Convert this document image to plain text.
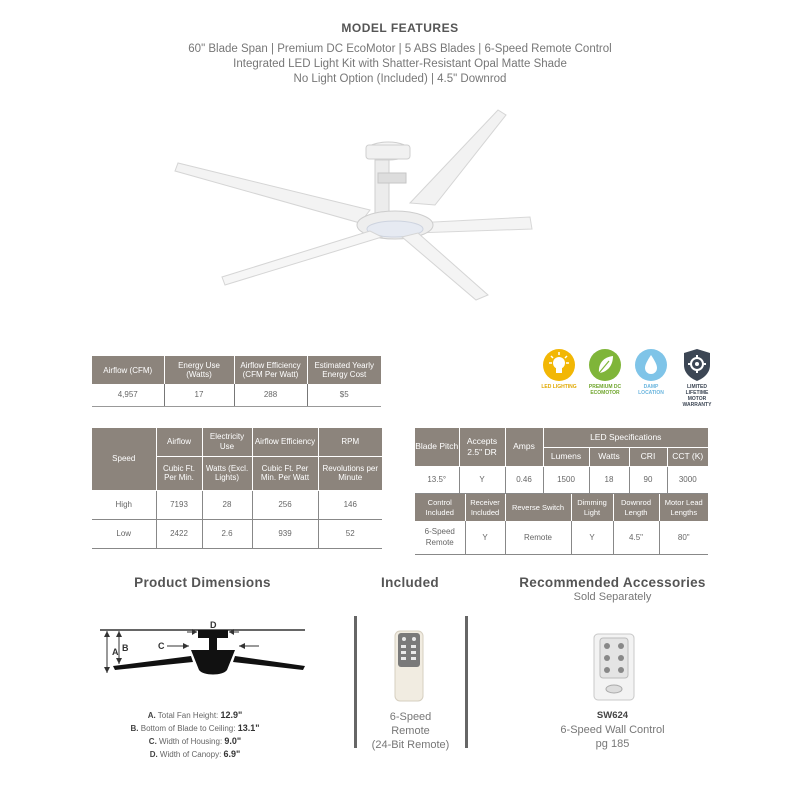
MODEL FEATURES
60" Blade Span | Premium DC EcoMotor | 5 ABS Blades | 6-Speed Remote Control
Integrated LED Light Kit with Shatter-Resistant Opal Matte Shade
No Light Option (Included) | 4.5" Downrod
Airflow (CFM)	Energy Use (Watts)	Airflow Efficiency (CFM Per Watt)	Estimated Yearly Energy Cost
4,957	17	288	$5
LED LIGHTING	PREMIUM DC ECOMOTOR
DAMP LOCATION
LIMITED LIFETIME MOTOR WARRANTY
Speed	Airflow	Electricity Use	Airflow Efficiency	RPM
	Cubic Ft. Per Min.	Watts (Excl. Lights)	Cubic Ft. Per Min. Per Watt	Revolutions per Minute
High	7193	28	256	146
Low	2422	2.6	939	52
Blade Pitch	Accepts 2.5" DR	Amps	LED Specifications			
			Lumens	Watts	CRI	CCT (K)
13.5°	Y	0.46	1500	18	90	3000
Control Included	Receiver Included	Reverse Switch	Dimming Light	Downrod Length	Motor Lead Lengths
6-Speed Remote	Y	Remote	Y	4.5"	80"
Product Dimensions	Included	Recommended Accessories
Sold Separately
A B	C
D
A. Total Fan Height: 12.9"
B. Bottom of Blade to Ceiling: 13.1"
C. Width of Housing: 9.0"
D. Width of Canopy: 6.9"
6-Speed
Remote
(24-Bit Remote)
SW624
6-Speed Wall Control
pg 185
